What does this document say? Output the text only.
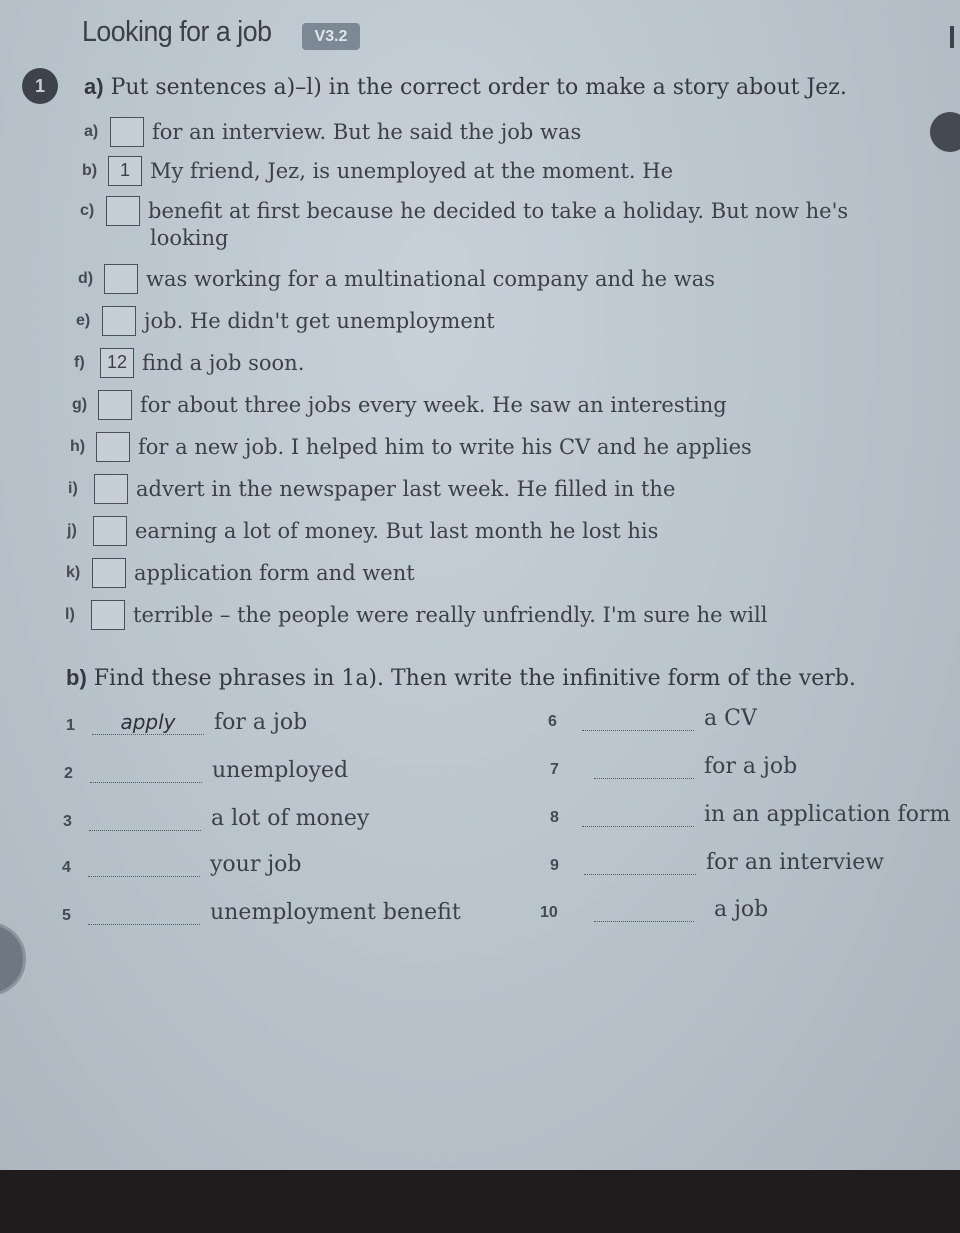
Looking for a job	V3.2
1	a) Put sentences a)–l) in the correct order to make a story about Jez.
a)	for an interview. But he said the job was
b) 1 My friend, Jez, is unemployed at the moment. He
c)	benefit at first because he decided to take a holiday. But now he's
looking
d)	was working for a multinational company and he was
e)	job. He didn't get unemployment
f) 12 find a job soon.
g)	for about three jobs every week. He saw an interesting
h)	for a new job. I helped him to write his CV and he applies
i)	advert in the newspaper last week. He filled in the
j)	earning a lot of money. But last month he lost his
k)	application form and went
l)	terrible – the people were really unfriendly. I'm sure he will
b) Find these phrases in 1a). Then write the infinitive form of the verb.
1 apply for a job
2	unemployed
3	a lot of money
4	your job
5	unemployment benefit
6	a CV
7	for a job
8	in an application form
9	for an interview
10	a job
